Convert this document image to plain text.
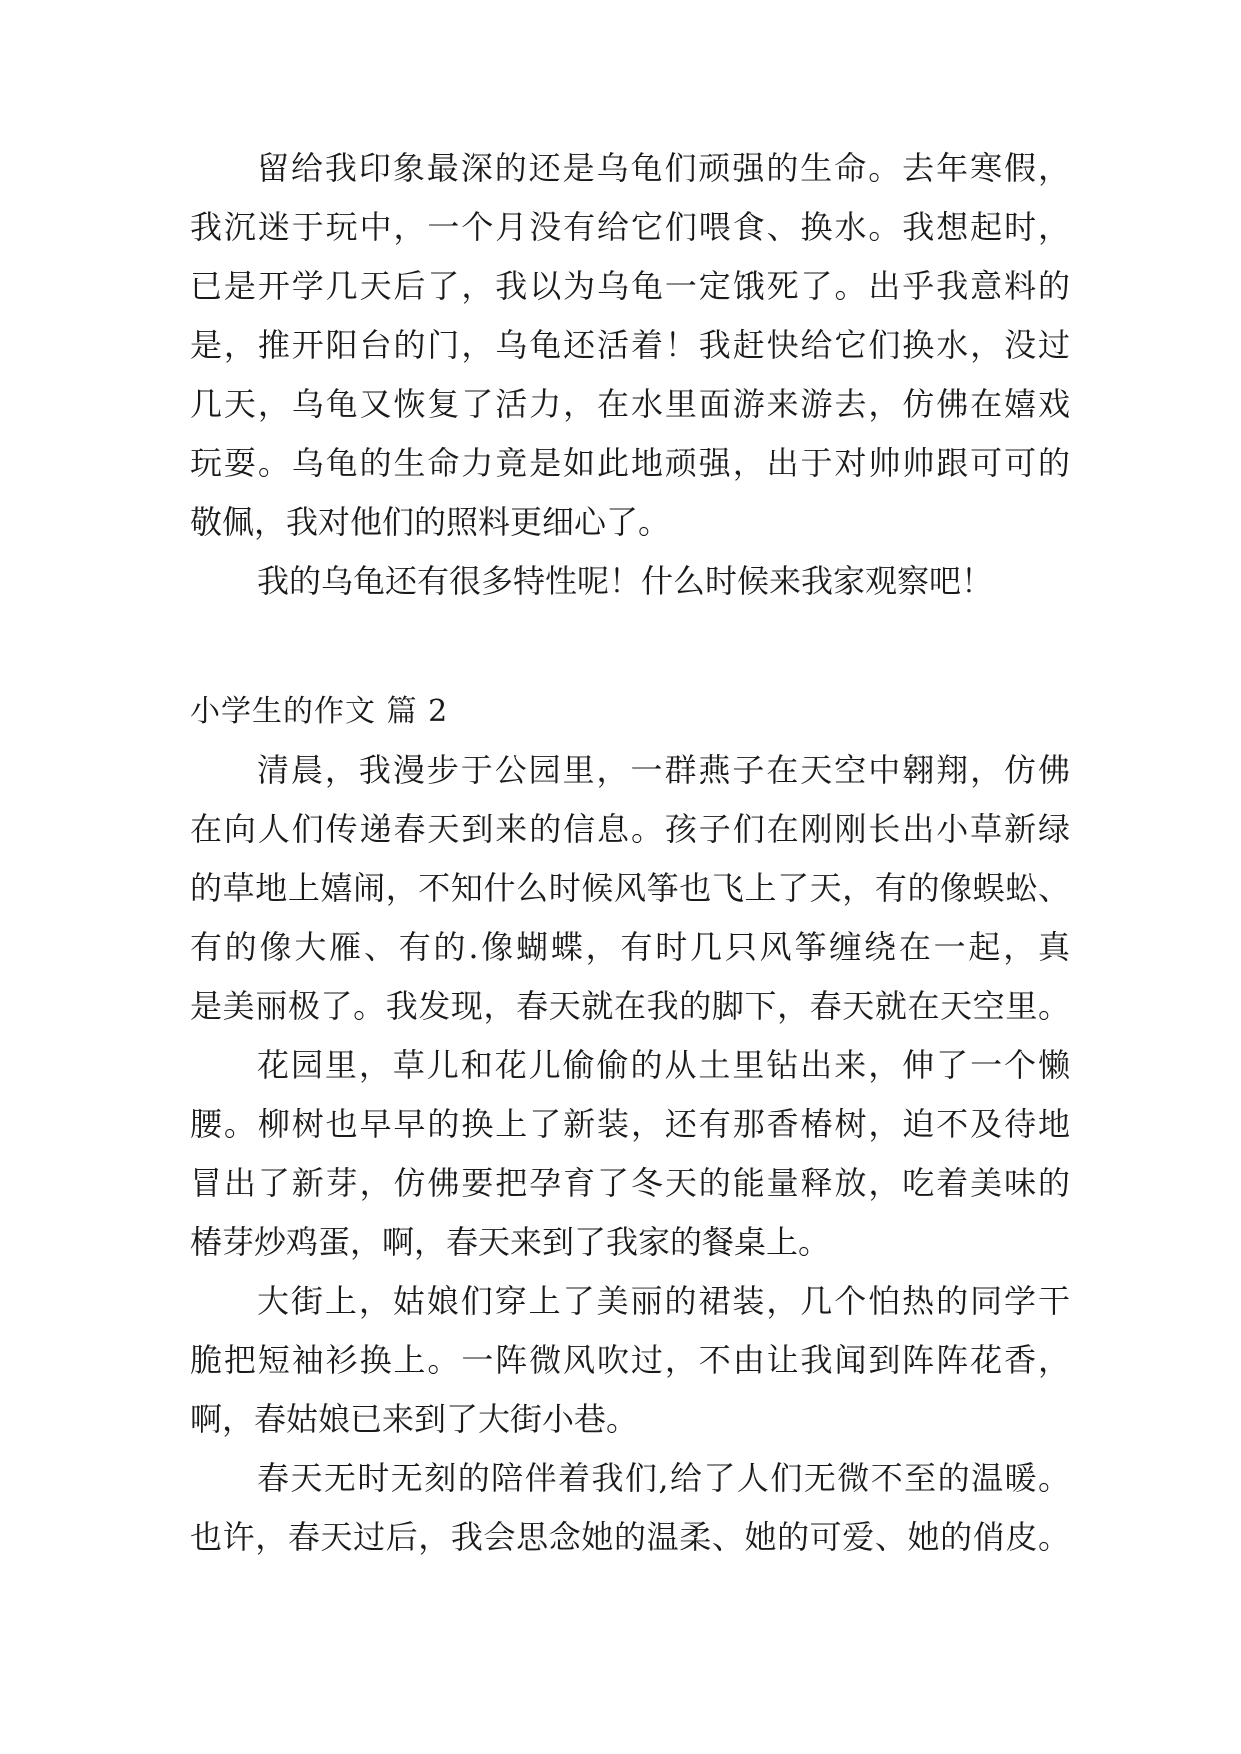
留给我印象最深的还是乌龟们顽强的生命。去年寒假，
我沉迷于玩中，一个月没有给它们喂食、换水。我想起时，
已是开学几天后了，我以为乌龟一定饿死了。出乎我意料的
是，推开阳台的门，乌龟还活着！我赶快给它们换水，没过
几天，乌龟又恢复了活力，在水里面游来游去，仿佛在嬉戏
玩耍。乌龟的生命力竟是如此地顽强，出于对帅帅跟可可的
敬佩，我对他们的照料更细心了。
我的乌龟还有很多特性呢！什么时候来我家观察吧！
小学生的作文 篇 2
清晨，我漫步于公园里，一群燕子在天空中翱翔，仿佛
在向人们传递春天到来的信息。孩子们在刚刚长出小草新绿
的草地上嬉闹，不知什么时候风筝也飞上了天，有的像蜈蚣、
有的像大雁、有的.像蝴蝶，有时几只风筝缠绕在一起，真
是美丽极了。我发现，春天就在我的脚下，春天就在天空里。
花园里，草儿和花儿偷偷的从土里钻出来，伸了一个懒
腰。柳树也早早的换上了新装，还有那香椿树，迫不及待地
冒出了新芽，仿佛要把孕育了冬天的能量释放，吃着美味的
椿芽炒鸡蛋，啊，春天来到了我家的餐桌上。
大街上，姑娘们穿上了美丽的裙装，几个怕热的同学干
脆把短袖衫换上。一阵微风吹过，不由让我闻到阵阵花香，
啊，春姑娘已来到了大街小巷。
春天无时无刻的陪伴着我们,给了人们无微不至的温暖。
也许，春天过后，我会思念她的温柔、她的可爱、她的俏皮。
